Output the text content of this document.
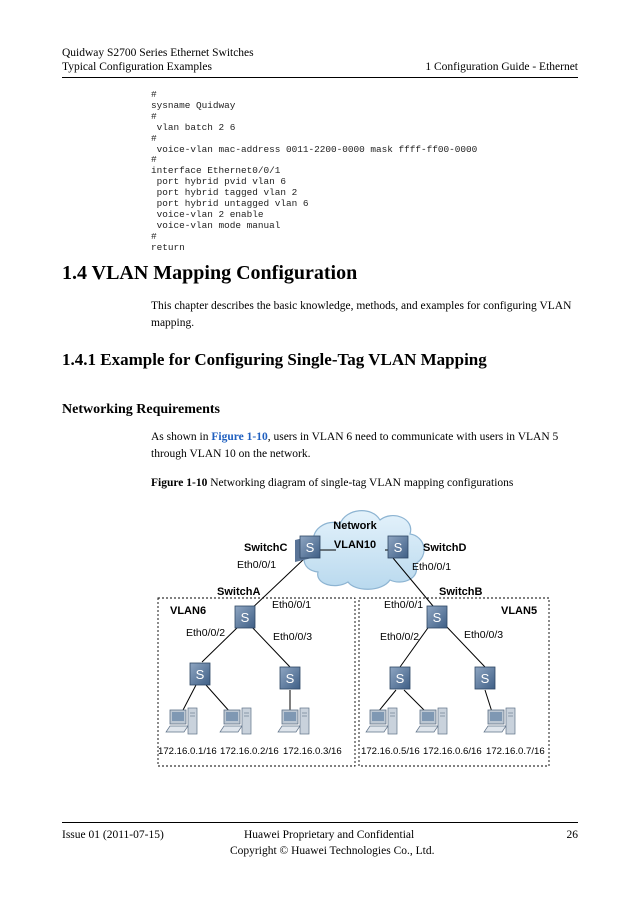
Quidway S2700 Series Ethernet Switches
Typical Configuration Examples	1 Configuration Guide - Ethernet
#
sysname Quidway
#
vlan batch 2 6
#
voice-vlan mac-address 0011-2200-0000 mask ffff-ff00-0000
#
interface Ethernet0/0/1
port hybrid pvid vlan 6
port hybrid tagged vlan 2
port hybrid untagged vlan 6
voice-vlan 2 enable
voice-vlan mode manual
#
return
1.4 VLAN Mapping Configuration
This chapter describes the basic knowledge, methods, and examples for configuring VLAN mapping.
1.4.1 Example for Configuring Single-Tag VLAN Mapping
Networking Requirements
As shown in Figure 1-10, users in VLAN 6 need to communicate with users in VLAN 5 through VLAN 10 on the network.
Figure 1-10 Networking diagram of single-tag VLAN mapping configurations
Network
VLAN10
S	S
S	S
S	S	S	S
SwitchC	SwitchD
SwitchA	SwitchB
VLAN6	VLAN5
Eth0/0/1	Eth0/0/1
Eth0/0/1
Eth0/0/2	Eth0/0/3
Eth0/0/1
Eth0/0/2	Eth0/0/3
172.16.0.1/16 172.16.0.2/16 172.16.0.3/16 172.16.0.5/16 172.16.0.6/16 172.16.0.7/16
Issue 01 (2011-07-15)	Huawei Proprietary and Confidential
Copyright © Huawei Technologies Co., Ltd.
26
